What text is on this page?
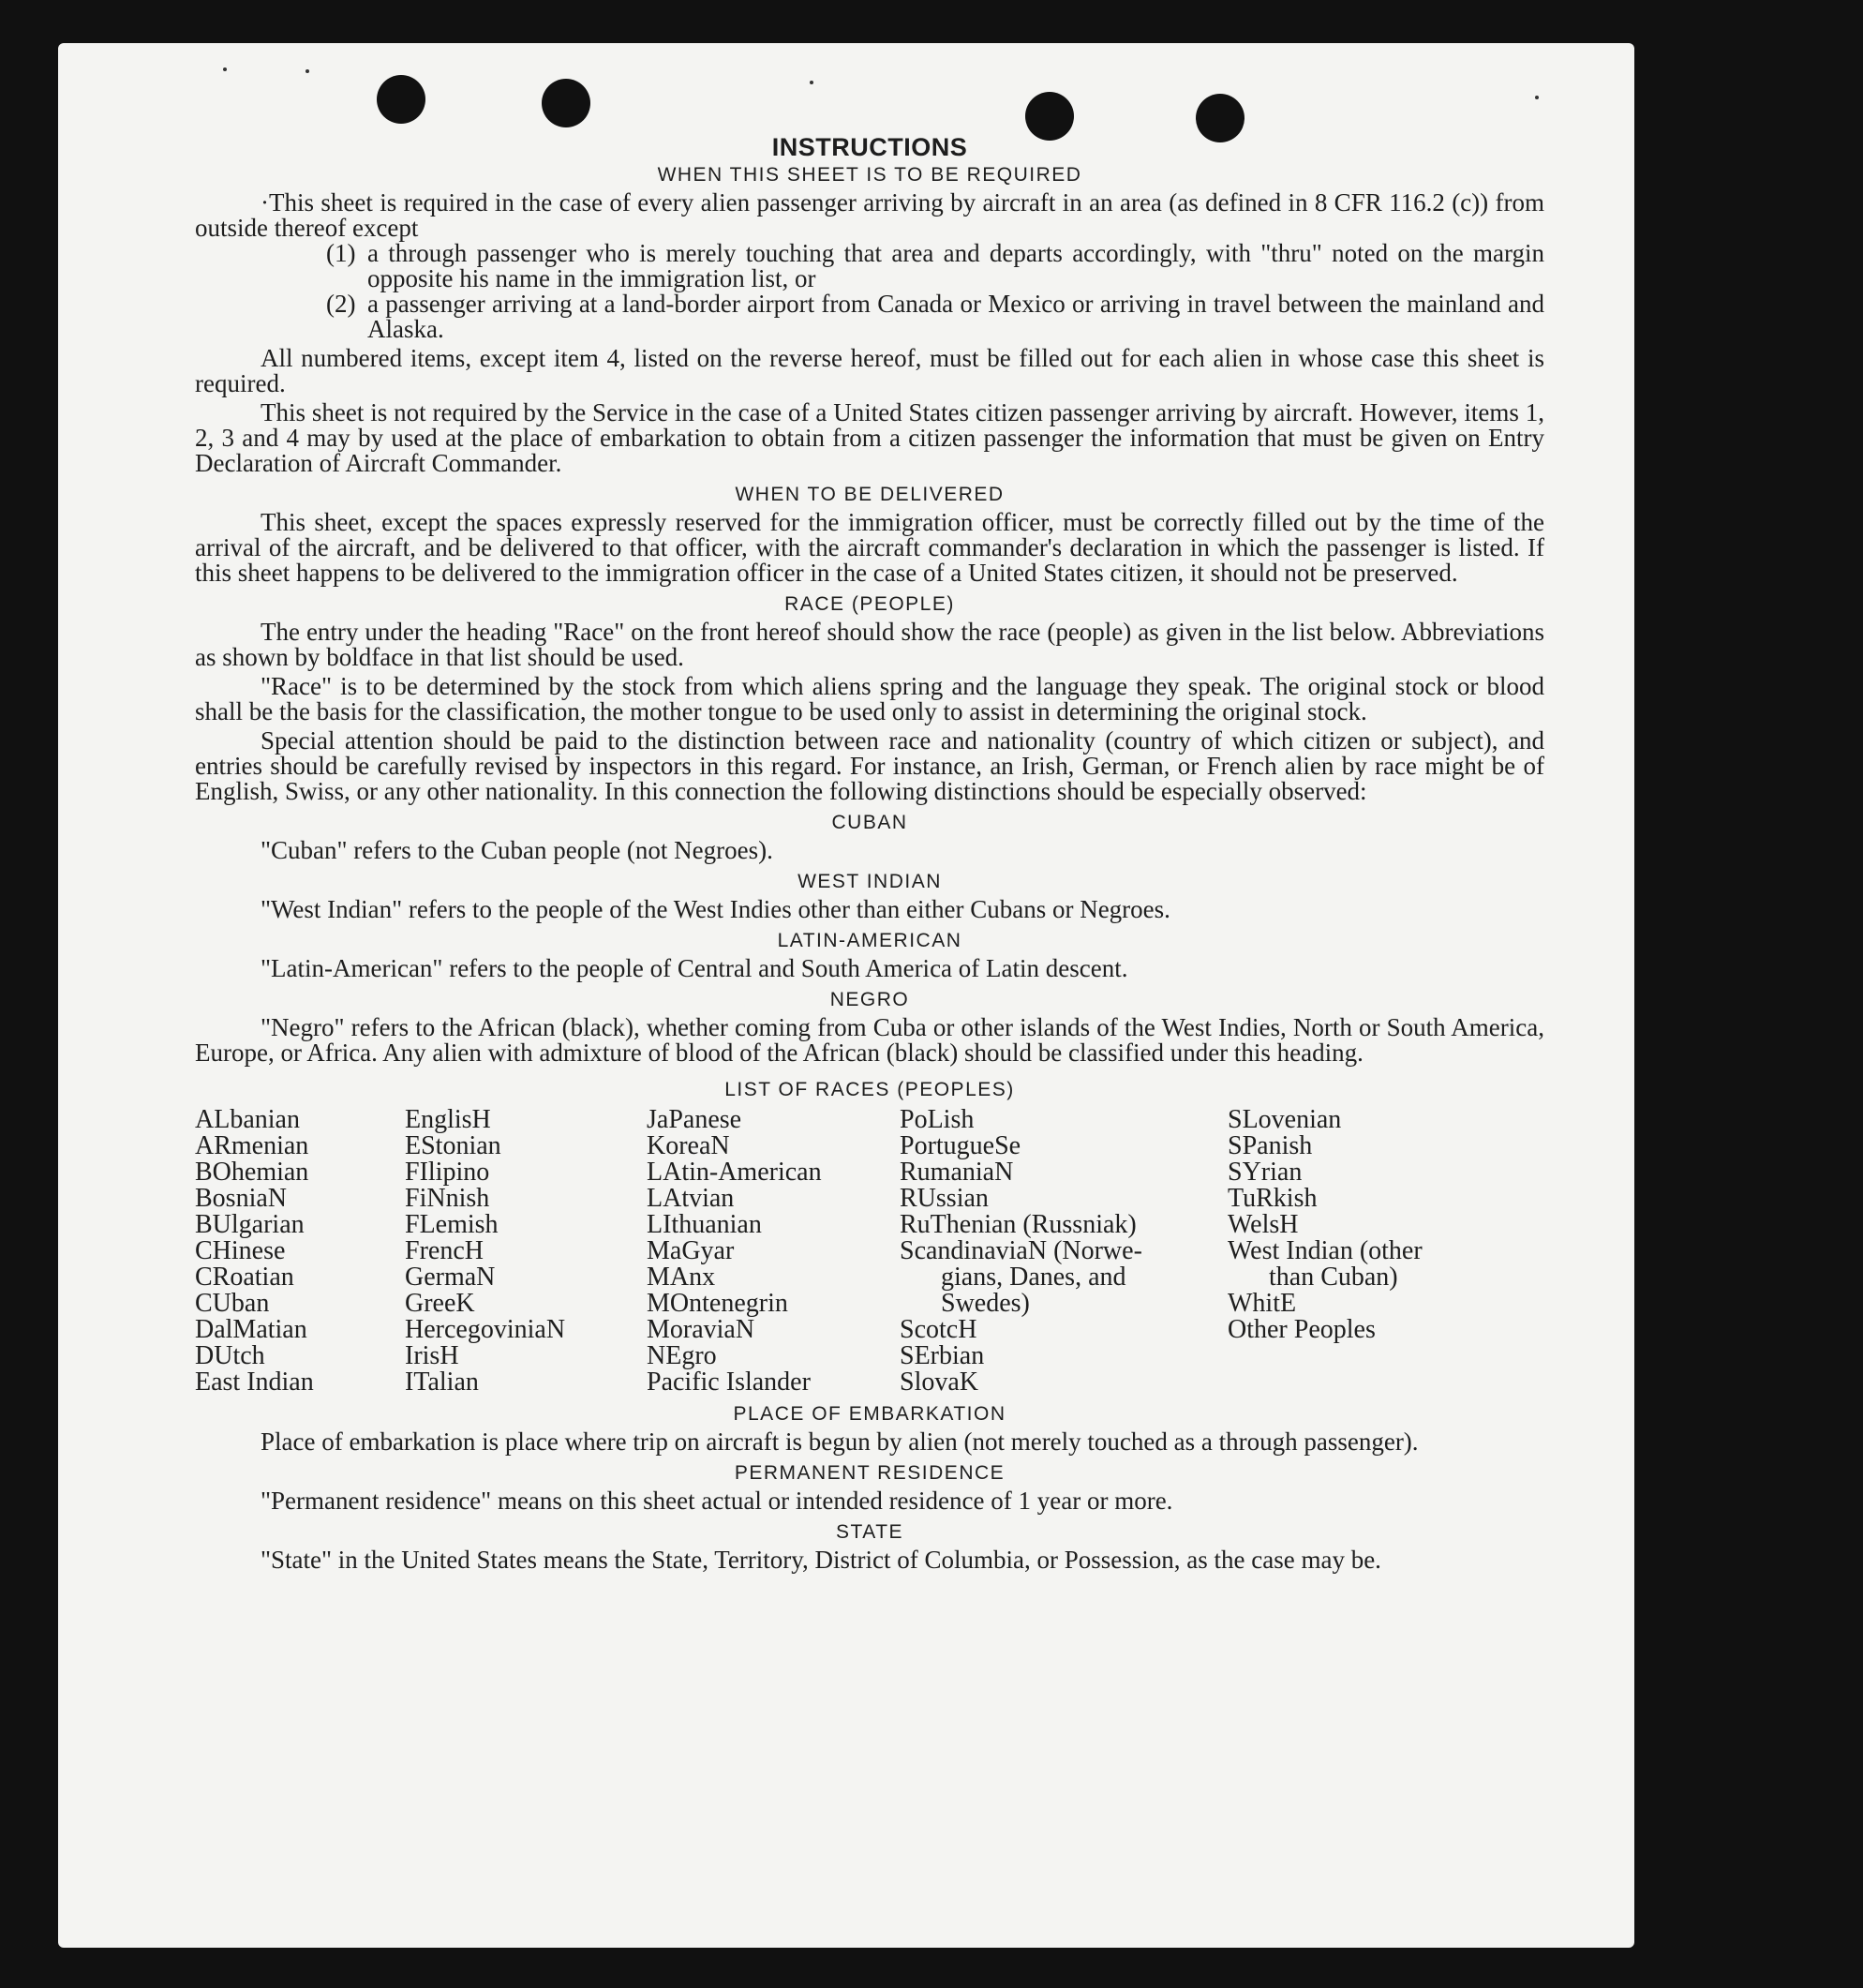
INSTRUCTIONS
WHEN THIS SHEET IS TO BE REQUIRED

·This sheet is required in the case of every alien passenger arriving by aircraft in an area (as defined in 8 CFR 116.2 (c)) from outside thereof except

(1) a through passenger who is merely touching that area and departs accordingly, with "thru" noted on the margin opposite his name in the immigration list, or
(2) a passenger arriving at a land-border airport from Canada or Mexico or arriving in travel between the mainland and Alaska.

All numbered items, except item 4, listed on the reverse hereof, must be filled out for each alien in whose case this sheet is required.

This sheet is not required by the Service in the case of a United States citizen passenger arriving by aircraft. However, items 1, 2, 3 and 4 may by used at the place of embarkation to obtain from a citizen passenger the information that must be given on Entry Declaration of Aircraft Commander.

WHEN TO BE DELIVERED

This sheet, except the spaces expressly reserved for the immigration officer, must be correctly filled out by the time of the arrival of the aircraft, and be delivered to that officer, with the aircraft commander's declaration in which the passenger is listed. If this sheet happens to be delivered to the immigration officer in the case of a United States citizen, it should not be preserved.

RACE (PEOPLE)

The entry under the heading "Race" on the front hereof should show the race (people) as given in the list below. Abbreviations as shown by boldface in that list should be used.

"Race" is to be determined by the stock from which aliens spring and the language they speak. The original stock or blood shall be the basis for the classification, the mother tongue to be used only to assist in determining the original stock.

Special attention should be paid to the distinction between race and nationality (country of which citizen or subject), and entries should be carefully revised by inspectors in this regard. For instance, an Irish, German, or French alien by race might be of English, Swiss, or any other nationality. In this connection the following distinctions should be especially observed:

CUBAN

"Cuban" refers to the Cuban people (not Negroes).

WEST INDIAN

"West Indian" refers to the people of the West Indies other than either Cubans or Negroes.

LATIN-AMERICAN

"Latin-American" refers to the people of Central and South America of Latin descent.

NEGRO

"Negro" refers to the African (black), whether coming from Cuba or other islands of the West Indies, North or South America, Europe, or Africa. Any alien with admixture of blood of the African (black) should be classified under this heading.

LIST OF RACES (PEOPLES)
ALbanian
ARmenian
BOhemian
BosniaN
BUlgarian
CHinese
CRoatian
CUban
DalMatian
DUtch
East Indian
EnglisH
EStonian
FIlipino
FiNnish
FLemish
FrencH
GermaN
GreeK
HercegoviniaN
IrisH
ITalian
JaPanese
KoreaN
LAtin-American
LAtvian
LIthuanian
MaGyar
MAnx
MOntenegrin
MoraviaN
NEgro
Pacific Islander
PoLish
PortugueSe
RumaniaN
RUssian
RuThenian (Russniak)
ScandinaviaN (Norwe-
gians, Danes, and
Swedes)
ScotcH
SErbian
SlovaK
SLovenian
SPanish
SYrian
TuRkish
WelsH
West Indian (other
than Cuban)
WhitE
Other Peoples
PLACE OF EMBARKATION

Place of embarkation is place where trip on aircraft is begun by alien (not merely touched as a through passenger).

PERMANENT RESIDENCE

"Permanent residence" means on this sheet actual or intended residence of 1 year or more.

STATE

"State" in the United States means the State, Territory, District of Columbia, or Possession, as the case may be.
